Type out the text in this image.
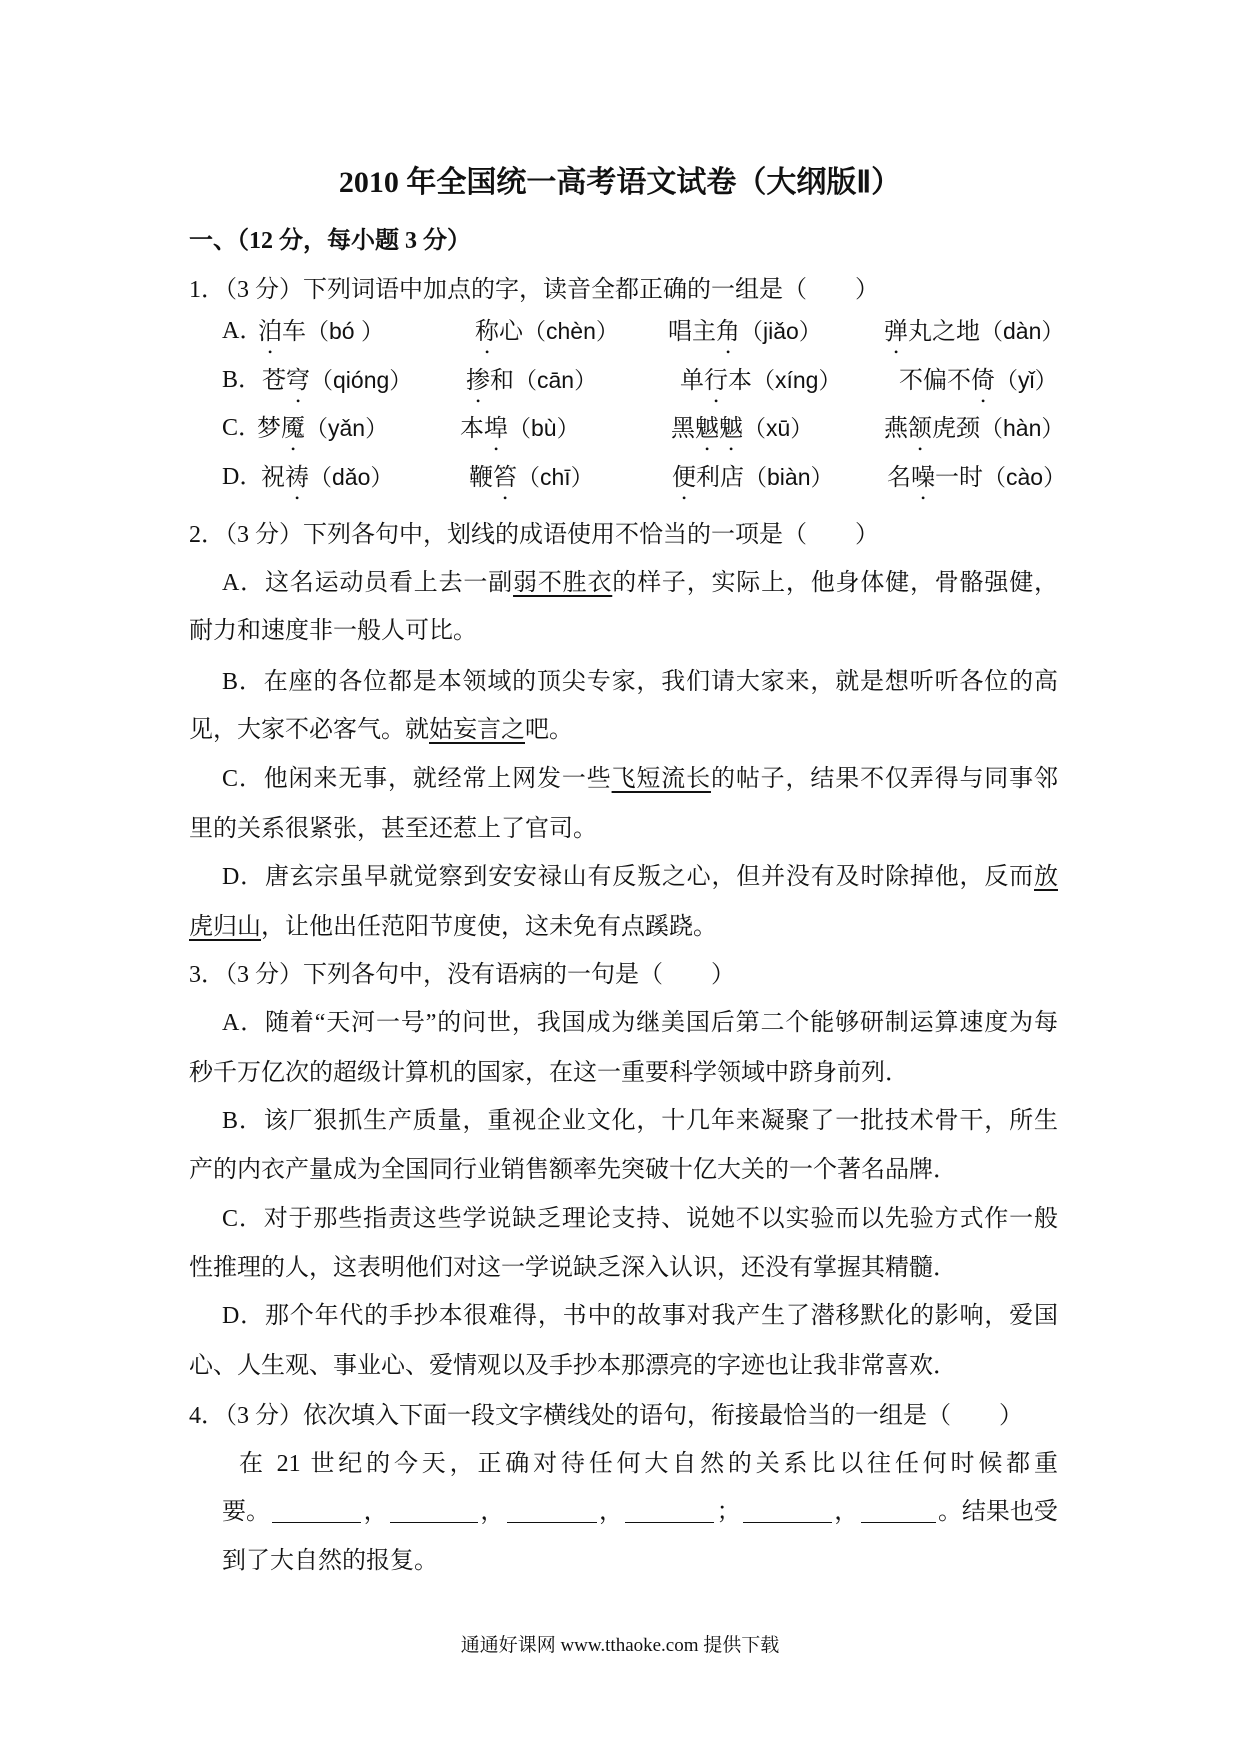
2010 年全国统一高考语文试卷（大纲版Ⅱ）
一、（12 分，每小题 3 分）
1．（3 分）下列词语中加点的字，读音全都正确的一组是（　　）
A．
泊车（bó ）	称心（chèn） 唱主角（jiǎo）	弹丸之地（dàn）
B． 苍穹（qióng） 掺和（cān）	单行本（xíng） 不偏不倚（yǐ）
C．
梦魇（yǎn）	本埠（bù）	黑魆魆（xū）	燕颔虎颈（hàn）
D．
祝祷（dǎo）	鞭笞（chī）	便利店（biàn） 名噪一时（cào）
2．（3 分）下列各句中，划线的成语使用不恰当的一项是（　　）
A．这名运动员看上去一副弱不胜衣的样子，实际上，他身体健，骨骼强健，
耐力和速度非一般人可比。
B．在座的各位都是本领域的顶尖专家，我们请大家来，就是想听听各位的高
见，大家不必客气。就姑妄言之吧。
C．他闲来无事，就经常上网发一些飞短流长的帖子，结果不仅弄得与同事邻
里的关系很紧张，甚至还惹上了官司。
D．唐玄宗虽早就觉察到安安禄山有反叛之心，但并没有及时除掉他，反而放
虎归山，让他出任范阳节度使，这未免有点蹊跷。
3．（3 分）下列各句中，没有语病的一句是（　　）
A．随着“天河一号”的问世，我国成为继美国后第二个能够研制运算速度为每
秒千万亿次的超级计算机的国家，在这一重要科学领域中跻身前列．
B．该厂狠抓生产质量，重视企业文化，十几年来凝聚了一批技术骨干，所生
产的内衣产量成为全国同行业销售额率先突破十亿大关的一个著名品牌．
C．对于那些指责这些学说缺乏理论支持、说她不以实验而以先验方式作一般
性推理的人，这表明他们对这一学说缺乏深入认识，还没有掌握其精髓．
D．那个年代的手抄本很难得，书中的故事对我产生了潜移默化的影响，爱国
心、人生观、事业心、爱情观以及手抄本那漂亮的字迹也让我非常喜欢．
4．（3 分）依次填入下面一段文字横线处的语句，衔接最恰当的一组是（　　）
在 21 世纪的今天，正确对待任何大自然的关系比以往任何时候都重
要。	，	，	，	；	，	。结果也受
到了大自然的报复。
通通好课网 www.tthaoke.com 提供下载
